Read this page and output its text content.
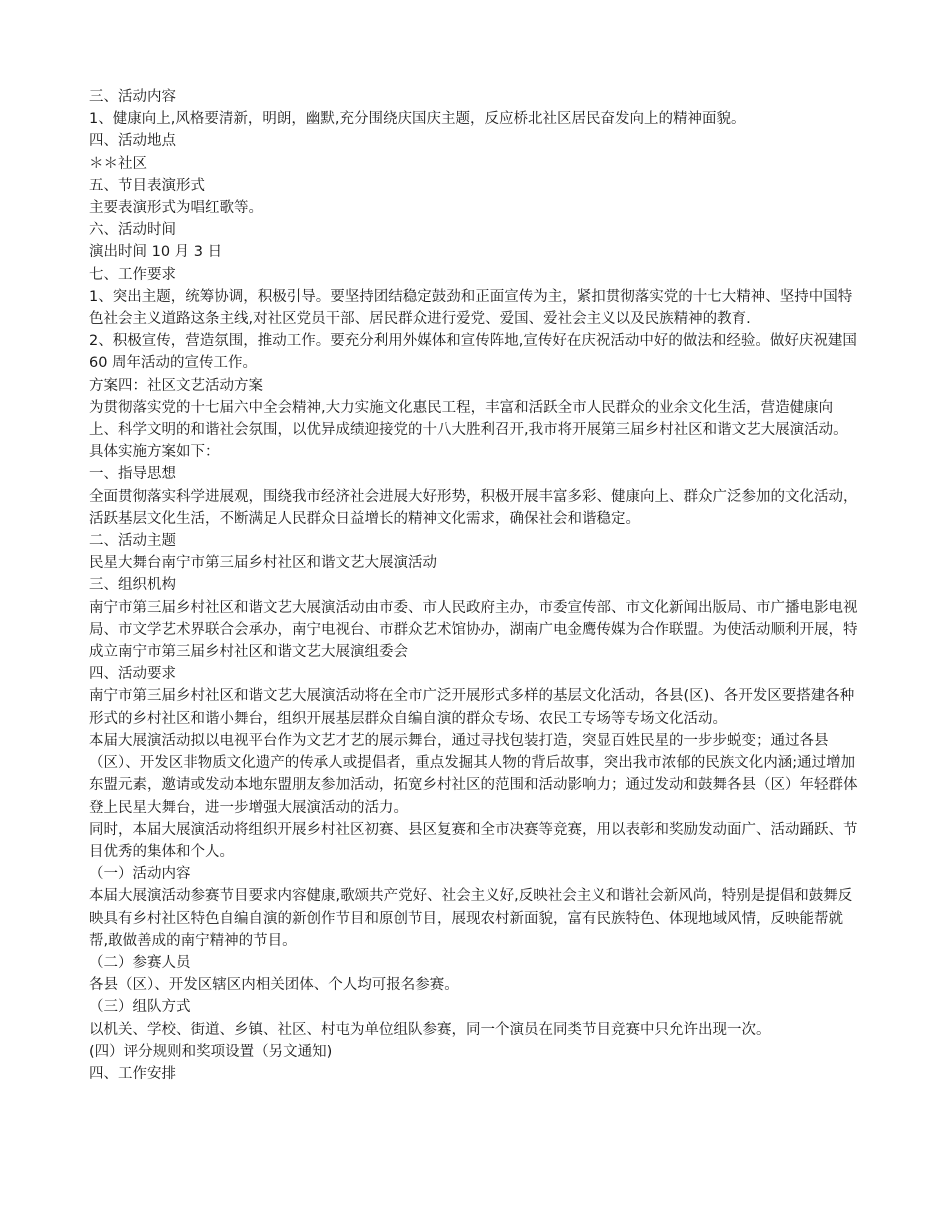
三、活动内容

1、健康向上,风格要清新，明朗，幽默,充分围绕庆国庆主题，反应桥北社区居民奋发向上的精神面貌。

四、活动地点

＊＊社区

五、节目表演形式

主要表演形式为唱红歌等。

六、活动时间

演出时间 10 月 3 日

七、工作要求

1、突出主题，统筹协调，积极引导。要坚持团结稳定鼓劲和正面宣传为主，紧扣贯彻落实党的十七大精神、坚持中国特色社会主义道路这条主线,对社区党员干部、居民群众进行爱党、爱国、爱社会主义以及民族精神的教育.

2、积极宣传，营造氛围，推动工作。要充分利用外媒体和宣传阵地,宣传好在庆祝活动中好的做法和经验。做好庆祝建国 60 周年活动的宣传工作。

方案四：社区文艺活动方案

为贯彻落实党的十七届六中全会精神,大力实施文化惠民工程，丰富和活跃全市人民群众的业余文化生活，营造健康向上、科学文明的和谐社会氛围，以优异成绩迎接党的十八大胜利召开,我市将开展第三届乡村社区和谐文艺大展演活动。具体实施方案如下：

一、指导思想

全面贯彻落实科学进展观，围绕我市经济社会进展大好形势，积极开展丰富多彩、健康向上、群众广泛参加的文化活动，活跃基层文化生活，不断满足人民群众日益增长的精神文化需求，确保社会和谐稳定。

二、活动主题

民星大舞台南宁市第三届乡村社区和谐文艺大展演活动

三、组织机构

南宁市第三届乡村社区和谐文艺大展演活动由市委、市人民政府主办，市委宣传部、市文化新闻出版局、市广播电影电视局、市文学艺术界联合会承办，南宁电视台、市群众艺术馆协办，湖南广电金鹰传媒为合作联盟。为使活动顺利开展，特成立南宁市第三届乡村社区和谐文艺大展演组委会

四、活动要求

南宁市第三届乡村社区和谐文艺大展演活动将在全市广泛开展形式多样的基层文化活动，各县(区)、各开发区要搭建各种形式的乡村社区和谐小舞台，组织开展基层群众自编自演的群众专场、农民工专场等专场文化活动。

本届大展演活动拟以电视平台作为文艺才艺的展示舞台，通过寻找包装打造，突显百姓民星的一步步蜕变；通过各县（区）、开发区非物质文化遗产的传承人或提倡者，重点发掘其人物的背后故事，突出我市浓郁的民族文化内涵;通过增加东盟元素，邀请或发动本地东盟朋友参加活动，拓宽乡村社区的范围和活动影响力；通过发动和鼓舞各县（区）年轻群体登上民星大舞台，进一步增强大展演活动的活力。

同时，本届大展演活动将组织开展乡村社区初赛、县区复赛和全市决赛等竞赛，用以表彰和奖励发动面广、活动踊跃、节目优秀的集体和个人。

（一）活动内容

本届大展演活动参赛节目要求内容健康,歌颂共产党好、社会主义好,反映社会主义和谐社会新风尚，特别是提倡和鼓舞反映具有乡村社区特色自编自演的新创作节目和原创节目，展现农村新面貌，富有民族特色、体现地域风情，反映能帮就帮,敢做善成的南宁精神的节目。

（二）参赛人员

各县（区）、开发区辖区内相关团体、个人均可报名参赛。

（三）组队方式

以机关、学校、街道、乡镇、社区、村屯为单位组队参赛，同一个演员在同类节目竞赛中只允许出现一次。

(四）评分规则和奖项设置（另文通知)

四、工作安排
